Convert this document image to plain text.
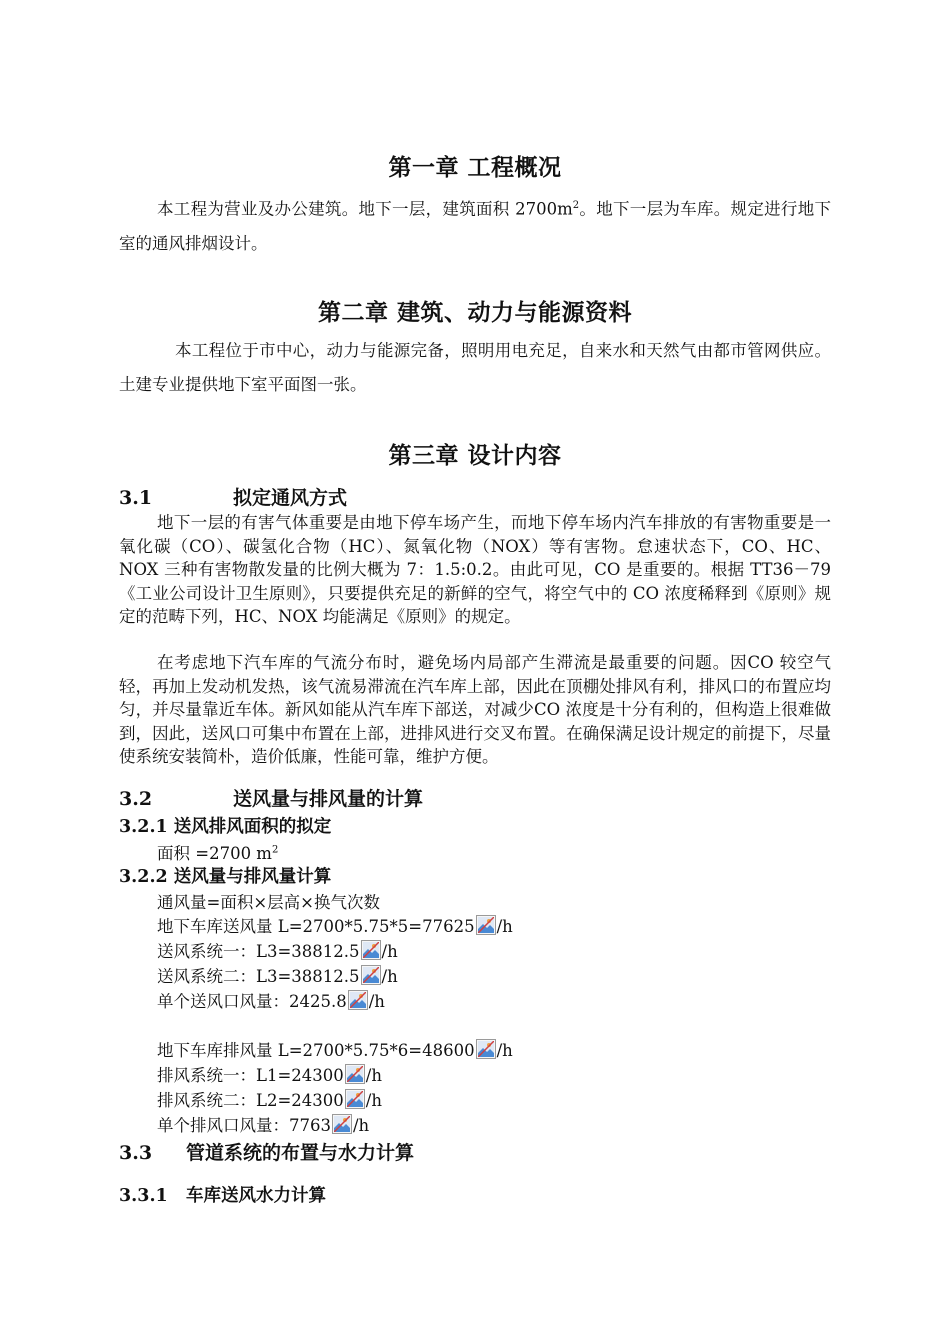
第一章 工程概况

本工程为营业及办公建筑。地下一层，建筑面积 $2700m^2$。地下一层为车库。规定进行地下室的通风排烟设计。

第二章 建筑、动力与能源资料

本工程位于市中心，动力与能源完备，照明用电充足，自来水和天然气由都市管网供应。土建专业提供地下室平面图一张。

第三章 设计内容
3.1	拟定通风方式

地下一层的有害气体重要是由地下停车场产生，而地下停车场内汽车排放的有害物重要是一氧化碳（CO）、碳氢化合物（HC）、氮氧化物（NOX）等有害物。怠速状态下，CO、HC、NOX 三种有害物散发量的比例大概为 7：1.5:0.2。由此可见，CO 是重要的。根据 TT36－79《工业公司设计卫生原则》，只要提供充足的新鲜的空气，将空气中的 CO 浓度稀释到《原则》规定的范畴下列，HC、NOX 均能满足《原则》的规定。

在考虑地下汽车库的气流分布时，避免场内局部产生滞流是最重要的问题。因CO 较空气轻，再加上发动机发热，该气流易滞流在汽车库上部，因此在顶棚处排风有利，排风口的布置应均匀，并尽量靠近车体。新风如能从汽车库下部送，对减少CO 浓度是十分有利的，但构造上很难做到，因此，送风口可集中布置在上部，进排风进行交叉布置。在确保满足设计规定的前提下，尽量使系统安装简朴，造价低廉，性能可靠，维护方便。

3.2	送风量与排风量的计算
3.2.1 送风排风面积的拟定
面积 =2700 $m^2$
3.2.2 送风量与排风量计算
通风量=面积×层高×换气次数
地下车库送风量 L=2700*5.75*5=77625 /h
送风系统一：L3=38812.5 /h
送风系统二：L3=38812.5 /h
单个送风口风量：2425.8 /h
地下车库排风量 L=2700*5.75*6=48600 /h
排风系统一：L1=24300 /h
排风系统二：L2=24300 /h
单个排风口风量：7763 /h
3.3 管道系统的布置与水力计算
3.3.1 车库送风水力计算
